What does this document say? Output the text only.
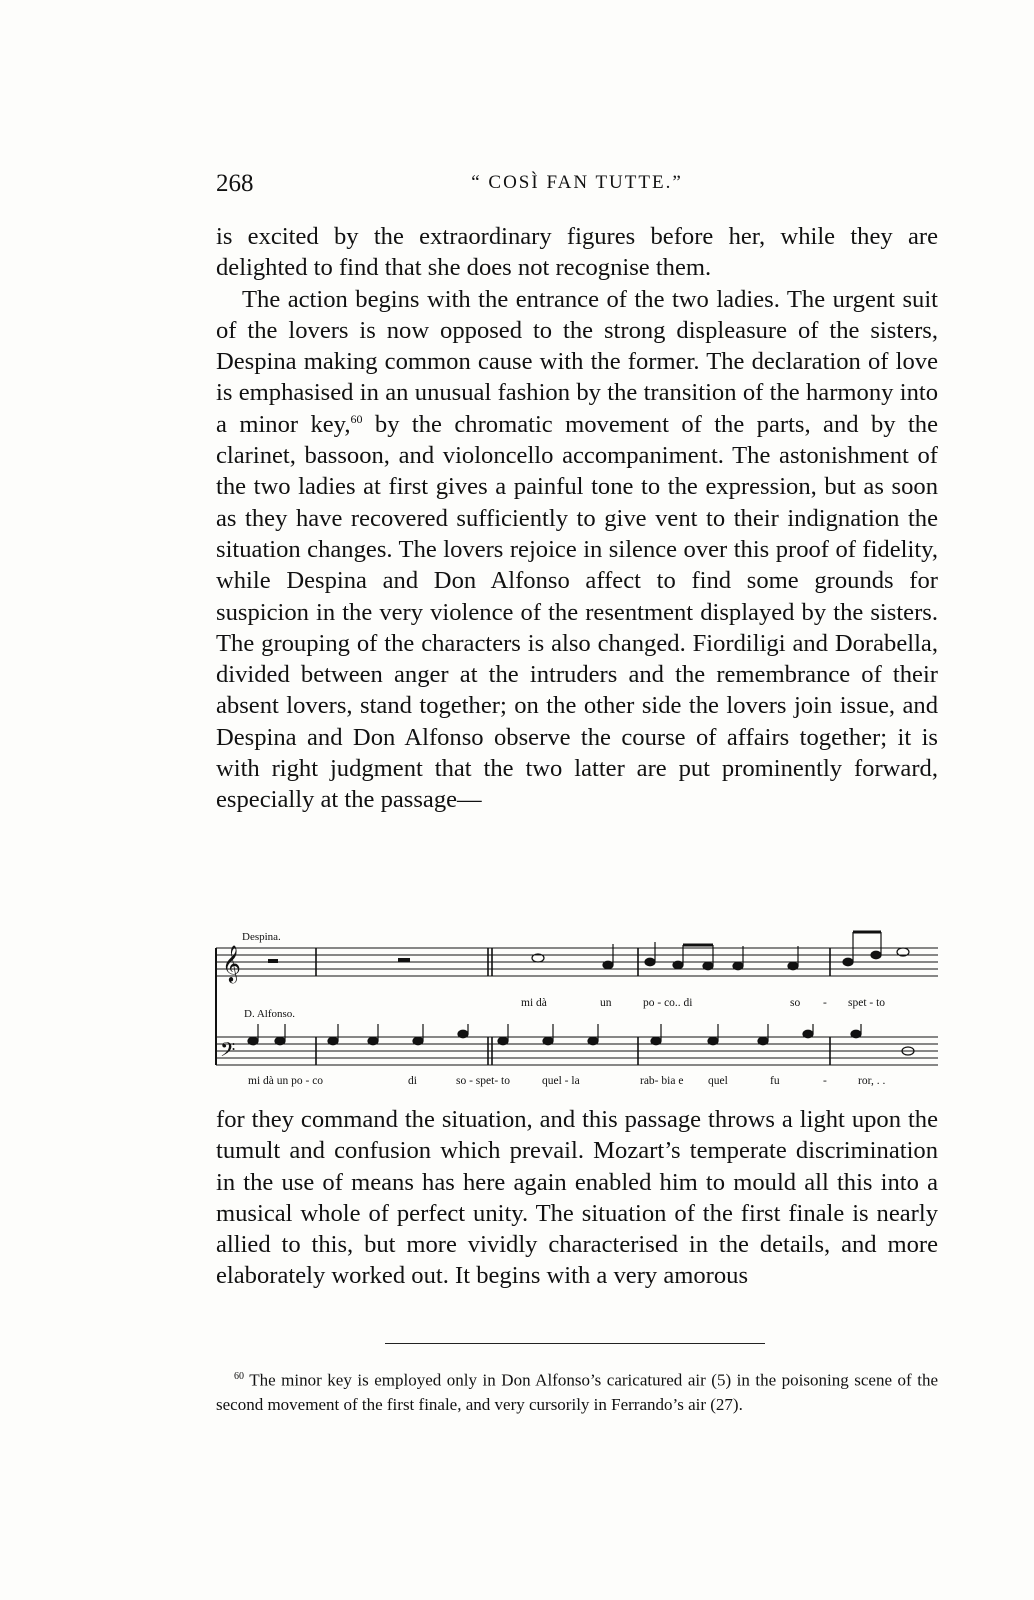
268	“ COSÌ FAN TUTTE.”

is excited by the extraordinary figures before her, while they are delighted to find that she does not recognise them.

The action begins with the entrance of the two ladies. The urgent suit of the lovers is now opposed to the strong displeasure of the sisters, Despina making common cause with the former. The declaration of love is emphasised in an unusual fashion by the transition of the harmony into a minor key,$^{60}$ by the chromatic movement of the parts, and by the clarinet, bassoon, and violoncello accompaniment. The astonishment of the two ladies at first gives a painful tone to the expression, but as soon as they have recovered sufficiently to give vent to their indignation the situation changes. The lovers rejoice in silence over this proof of fidelity, while Despina and Don Alfonso affect to find some grounds for suspicion in the very violence of the resentment displayed by the sisters. The grouping of the characters is also changed. Fiordiligi and Dorabella, divided between anger at the intruders and the remembrance of their absent lovers, stand together; on the other side the lovers join issue, and Despina and Don Alfonso observe the course of affairs together; it is with right judgment that the two latter are put prominently forward, especially at the passage—

𝄞
𝄢
Despina.
D. Alfonso.
mi dà	un	po - co.. di	so - spet - to
mi dà un po - co	di	so - spet- to	quel - la	rab- bia e quel	fu	-	ror, . .

for they command the situation, and this passage throws a light upon the tumult and confusion which prevail. Mozart’s temperate discrimination in the use of means has here again enabled him to mould all this into a musical whole of perfect unity. The situation of the first finale is nearly allied to this, but more vividly characterised in the details, and more elaborately worked out. It begins with a very amorous

$^{60}$ The minor key is employed only in Don Alfonso’s caricatured air (5) in the poisoning scene of the second movement of the first finale, and very cursorily in Ferrando’s air (27).
